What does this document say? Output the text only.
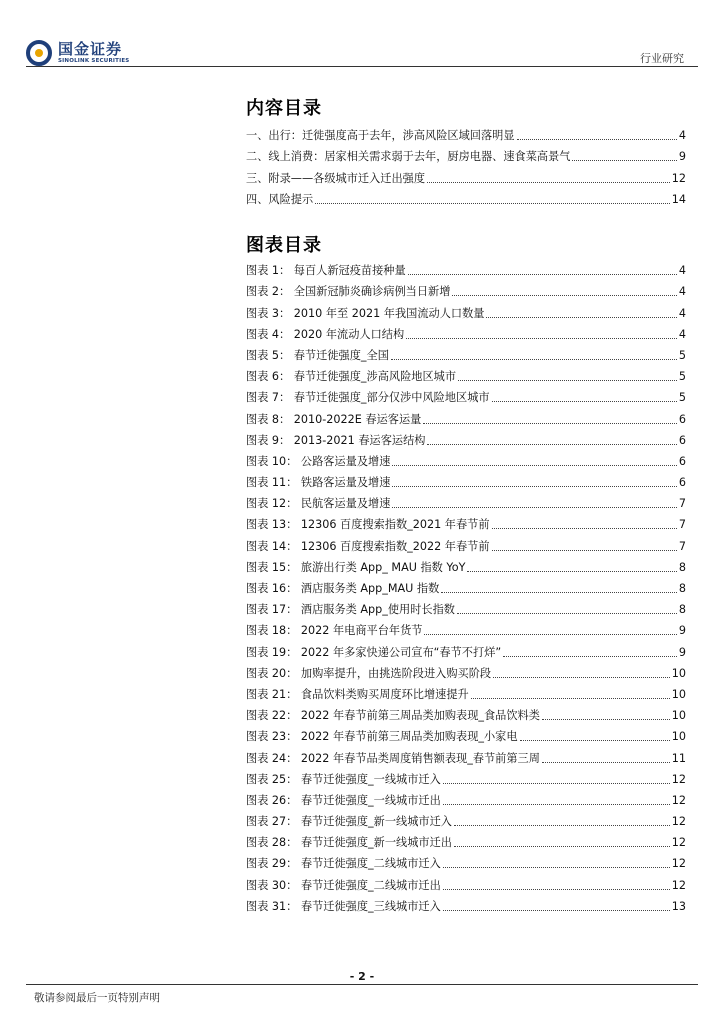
国金证券
SINOLINK SECURITIES	行业研究
内容目录
一、出行：迁徙强度高于去年，涉高风险区域回落明显	4
二、线上消费：居家相关需求弱于去年，厨房电器、速食菜高景气	9
三、附录——各级城市迁入迁出强度	12
四、风险提示	14
图表目录
图表 1： 每百人新冠疫苗接种量	4
图表 2： 全国新冠肺炎确诊病例当日新增	4
图表 3： 2010 年至 2021 年我国流动人口数量	4
图表 4： 2020 年流动人口结构	4
图表 5： 春节迁徙强度_全国	5
图表 6： 春节迁徙强度_涉高风险地区城市	5
图表 7： 春节迁徙强度_部分仅涉中风险地区城市	5
图表 8： 2010-2022E 春运客运量	6
图表 9： 2013-2021 春运客运结构	6
图表 10： 公路客运量及增速	6
图表 11： 铁路客运量及增速	6
图表 12： 民航客运量及增速	7
图表 13： 12306 百度搜索指数_2021 年春节前	7
图表 14： 12306 百度搜索指数_2022 年春节前	7
图表 15： 旅游出行类 App_ MAU 指数 YoY	8
图表 16： 酒店服务类 App_MAU 指数	8
图表 17： 酒店服务类 App_使用时长指数	8
图表 18： 2022 年电商平台年货节	9
图表 19： 2022 年多家快递公司宣布“春节不打烊”	9
图表 20： 加购率提升，由挑选阶段进入购买阶段	10
图表 21： 食品饮料类购买周度环比增速提升	10
图表 22： 2022 年春节前第三周品类加购表现_食品饮料类	10
图表 23： 2022 年春节前第三周品类加购表现_小家电	10
图表 24： 2022 年春节品类周度销售额表现_春节前第三周	11
图表 25： 春节迁徙强度_一线城市迁入	12
图表 26： 春节迁徙强度_一线城市迁出	12
图表 27： 春节迁徙强度_新一线城市迁入	12
图表 28： 春节迁徙强度_新一线城市迁出	12
图表 29： 春节迁徙强度_二线城市迁入	12
图表 30： 春节迁徙强度_二线城市迁出	12
图表 31： 春节迁徙强度_三线城市迁入	13
- 2 -
敬请参阅最后一页特别声明
